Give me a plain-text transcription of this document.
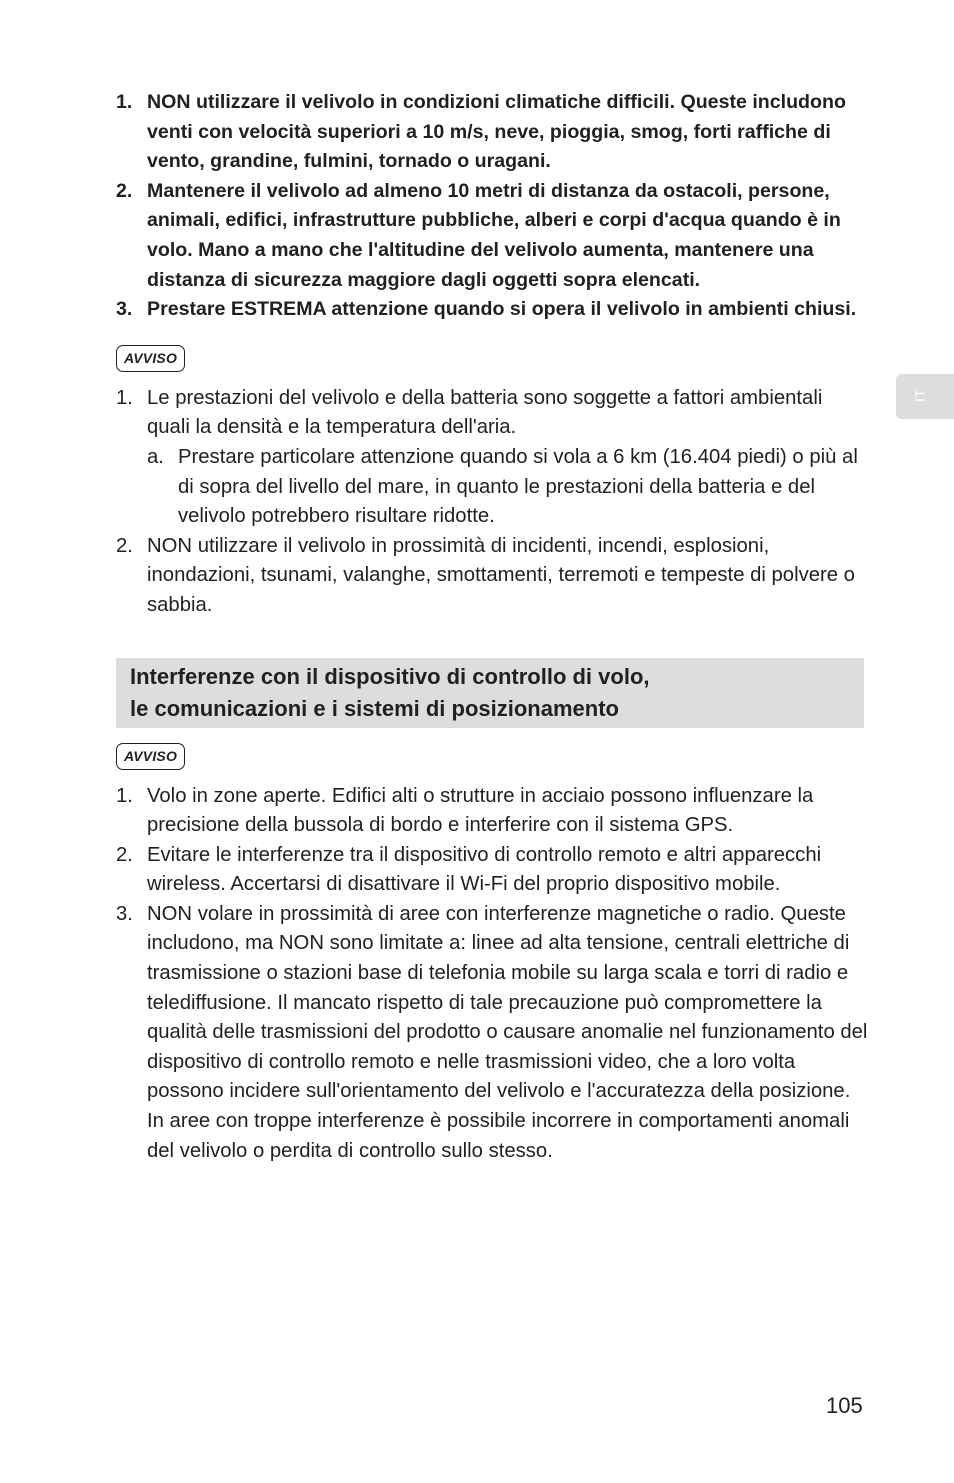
IT
1. NON utilizzare il velivolo in condizioni climatiche difficili. Queste includono venti con velocità superiori a 10 m/s, neve, pioggia, smog, forti raffiche di vento, grandine, fulmini, tornado o uragani.
2. Mantenere il velivolo ad almeno 10 metri di distanza da ostacoli, persone, animali, edifici, infrastrutture pubbliche, alberi e corpi d'acqua quando è in volo. Mano a mano che l'altitudine del velivolo aumenta, mantenere una distanza di sicurezza maggiore dagli oggetti sopra elencati.
3. Prestare ESTREMA attenzione quando si opera il velivolo in ambienti chiusi.
AVVISO
1. Le prestazioni del velivolo e della batteria sono soggette a fattori ambientali quali la densità e la temperatura dell'aria.
a. Prestare particolare attenzione quando si vola a 6 km (16.404 piedi) o più al di sopra del livello del mare, in quanto le prestazioni della batteria e del velivolo potrebbero risultare ridotte.
2. NON utilizzare il velivolo in prossimità di incidenti, incendi, esplosioni, inondazioni, tsunami, valanghe, smottamenti, terremoti e tempeste di polvere o sabbia.
Interferenze con il dispositivo di controllo di volo,
le comunicazioni e i sistemi di posizionamento
AVVISO
1. Volo in zone aperte. Edifici alti o strutture in acciaio possono influenzare la precisione della bussola di bordo e interferire con il sistema GPS.
2. Evitare le interferenze tra il dispositivo di controllo remoto e altri apparecchi wireless. Accertarsi di disattivare il Wi-Fi del proprio dispositivo mobile.
3. NON volare in prossimità di aree con interferenze magnetiche o radio. Queste includono, ma NON sono limitate a: linee ad alta tensione, centrali elettriche di trasmissione o stazioni base di telefonia mobile su larga scala e torri di radio e telediffusione. Il mancato rispetto di tale precauzione può compromettere la qualità delle trasmissioni del prodotto o causare anomalie nel funzionamento del dispositivo di controllo remoto e nelle trasmissioni video, che a loro volta possono incidere sull'orientamento del velivolo e l'accuratezza della posizione. In aree con troppe interferenze è possibile incorrere in comportamenti anomali del velivolo o perdita di controllo sullo stesso.
105
